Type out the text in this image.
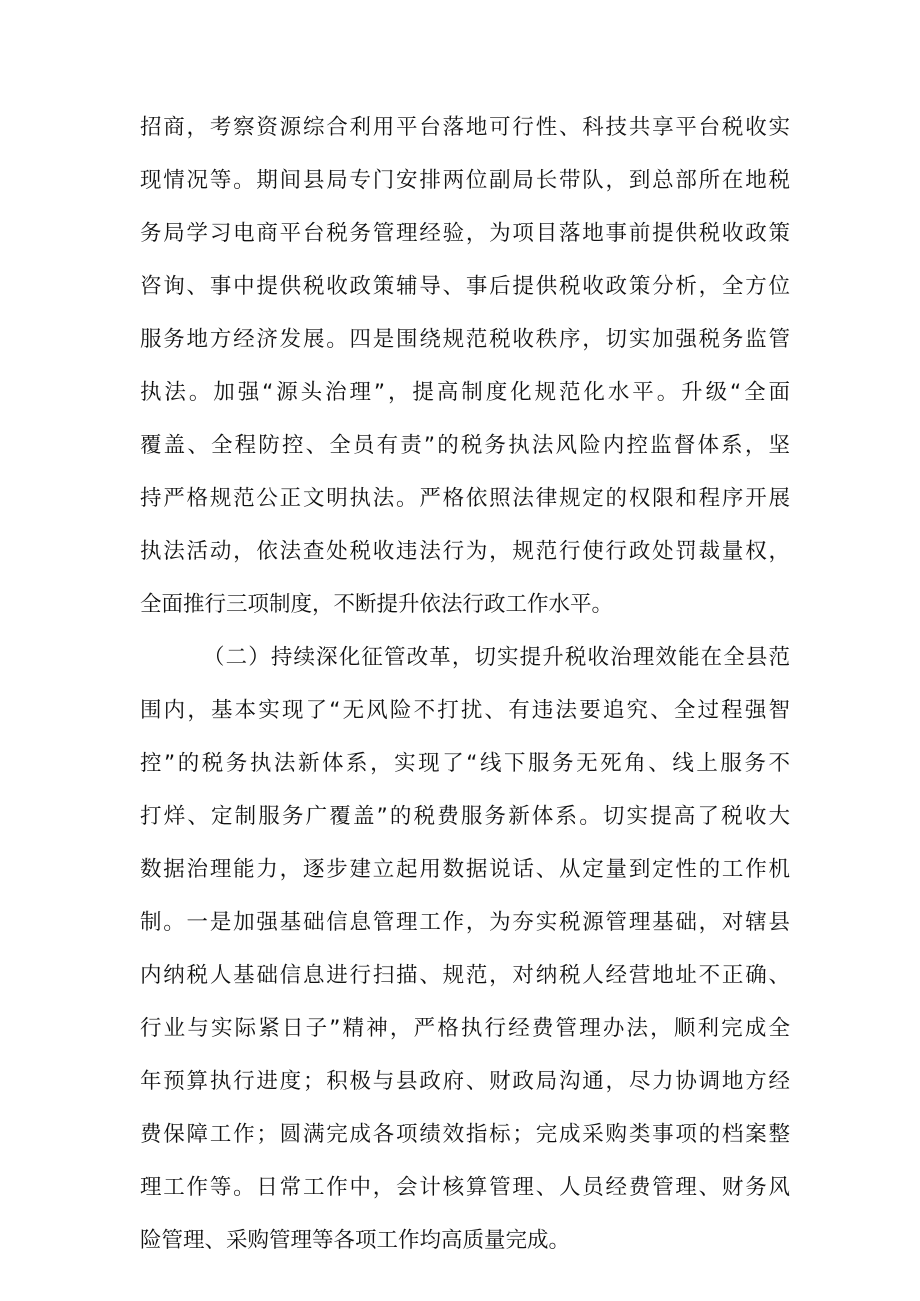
招商，考察资源综合利用平台落地可行性、科技共享平台税收实

现情况等。期间县局专门安排两位副局长带队，到总部所在地税

务局学习电商平台税务管理经验，为项目落地事前提供税收政策

咨询、事中提供税收政策辅导、事后提供税收政策分析，全方位

服务地方经济发展。四是围绕规范税收秩序，切实加强税务监管

执法。加强“源头治理”，提高制度化规范化水平。升级“全面

覆盖、全程防控、全员有责”的税务执法风险内控监督体系，坚

持严格规范公正文明执法。严格依照法律规定的权限和程序开展

执法活动，依法查处税收违法行为，规范行使行政处罚裁量权，

全面推行三项制度，不断提升依法行政工作水平。

（二）持续深化征管改革，切实提升税收治理效能在全县范

围内，基本实现了“无风险不打扰、有违法要追究、全过程强智

控”的税务执法新体系，实现了“线下服务无死角、线上服务不

打烊、定制服务广覆盖”的税费服务新体系。切实提高了税收大

数据治理能力，逐步建立起用数据说话、从定量到定性的工作机

制。一是加强基础信息管理工作，为夯实税源管理基础，对辖县

内纳税人基础信息进行扫描、规范，对纳税人经营地址不正确、

行业与实际紧日子”精神，严格执行经费管理办法，顺利完成全

年预算执行进度；积极与县政府、财政局沟通，尽力协调地方经

费保障工作；圆满完成各项绩效指标；完成采购类事项的档案整

理工作等。日常工作中，会计核算管理、人员经费管理、财务风

险管理、采购管理等各项工作均高质量完成。
